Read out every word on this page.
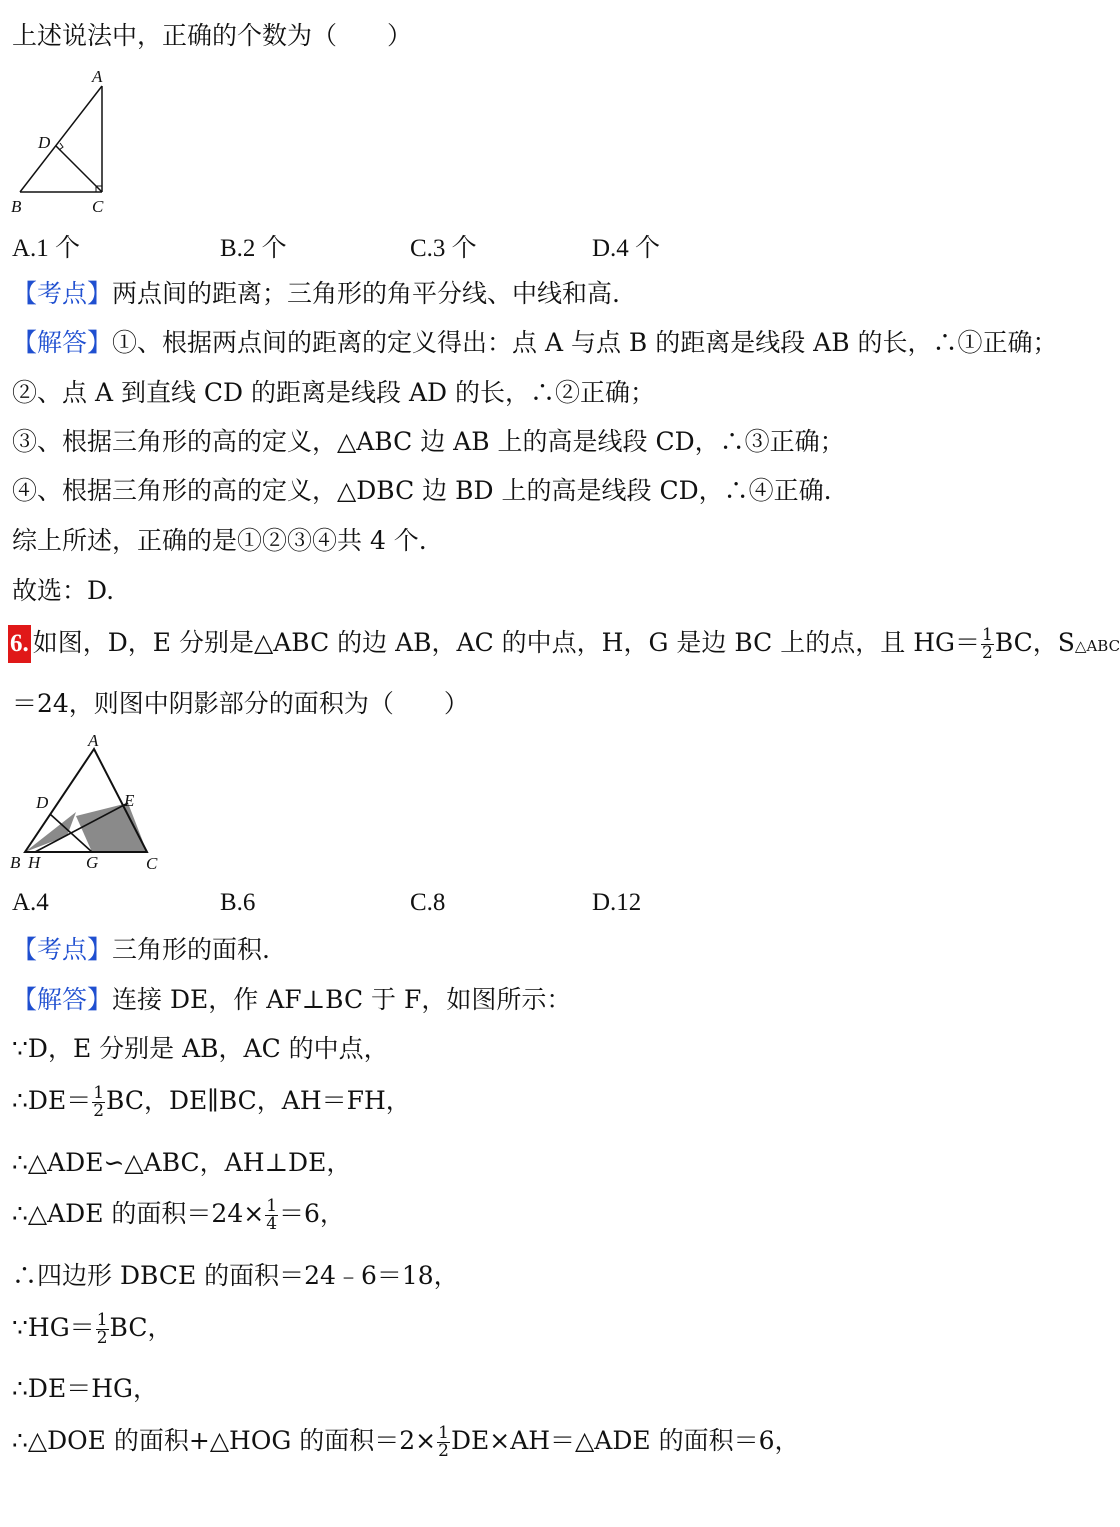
上述说法中，正确的个数为（　　）
A
D
B	C
A.1 个	B.2 个	C.3 个	D.4 个
【考点】两点间的距离；三角形的角平分线、中线和高.
【解答】①、根据两点间的距离的定义得出：点 A 与点 B 的距离是线段 AB 的长，∴①正确；
②、点 A 到直线 CD 的距离是线段 AD 的长，∴②正确；
③、根据三角形的高的定义，△ABC 边 AB 上的高是线段 CD，∴③正确；
④、根据三角形的高的定义，△DBC 边 BD 上的高是线段 CD，∴④正确.
综上所述，正确的是①②③④共 4 个.
故选：D.
6. 如图，D，E 分别是△ABC 的边 AB，AC 的中点，H，G 是边 BC 上的点，且 $HG= \frac{1}{2}$ BC，S△ABC
＝24，则图中阴影部分的面积为（　　）
A
D	E
B H	G	C
A.4	B.6	C.8	D.12
【考点】三角形的面积.
【解答】连接 DE，作 AF⊥BC 于 F，如图所示：
∵D，E 分别是 AB，AC 的中点，
∴DE＝ $\frac{1}{2}$ BC，DE∥BC，AH＝FH，
∴△ADE∽△ABC，AH⊥DE，
∴△ADE 的面积$=24\times \frac{1}{4} =6$，
∴四边形 DBCE 的面积＝24﹣6＝18，
∵HG＝ $\frac{1}{2}$ BC，
∴DE＝HG，
∴△DOE 的面积+△HOG 的面积$=2\times \frac{1}{2}$ DE×AH＝△ADE 的面积＝6，
